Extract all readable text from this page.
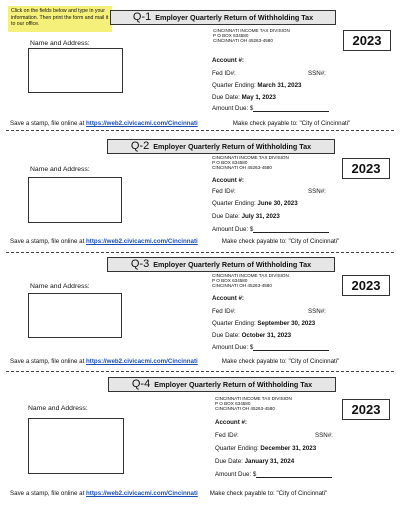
Click on the fields below and type in your information. Then print the form and mail it to our office.
Q-1 Employer Quarterly Return of Withholding Tax
Name and Address:
CINCINNATI INCOME TAX DIVISION
P O BOX 634580
CINCINNATI OH 45263-4580	2023
Account #:
Fed ID#:	SSN#:
Quarter Ending: March 31, 2023
Due Date: May 1, 2023
Amount Due: $
Save a stamp, file online at https://web2.civicacmi.com/Cincinnati	Make check payable to: "City of Cincinnati"
Q-2 Employer Quarterly Return of Withholding Tax
Name and Address:
CINCINNATI INCOME TAX DIVISION
P O BOX 634580
CINCINNATI OH 45263-4580	2023
Account #:
Fed ID#:	SSN#:
Quarter Ending: June 30, 2023
Due Date: July 31, 2023
Amount Due: $
Save a stamp, file online at https://web2.civicacmi.com/Cincinnati	Make check payable to: "City of Cincinnati"
Q-3 Employer Quarterly Return of Withholding Tax
Name and Address:
CINCINNATI INCOME TAX DIVISION
P O BOX 634580
CINCINNATI OH 45263-4580	2023
Account #:
Fed ID#:	SSN#:
Quarter Ending: September 30, 2023
Due Date: October 31, 2023
Amount Due: $
Save a stamp, file online at https://web2.civicacmi.com/Cincinnati	Make check payable to: "City of Cincinnati"
Q-4 Employer Quarterly Return of Withholding Tax
Name and Address:
CINCINNATI INCOME TAX DIVISION
P O BOX 634580
CINCINNATI OH 45263-4580	2023
Account #:
Fed ID#:	SSN#:
Quarter Ending: December 31, 2023
Due Date: January 31, 2024
Amount Due: $
Save a stamp, file online at https://web2.civicacmi.com/Cincinnati Make check payable to: "City of Cincinnati"
